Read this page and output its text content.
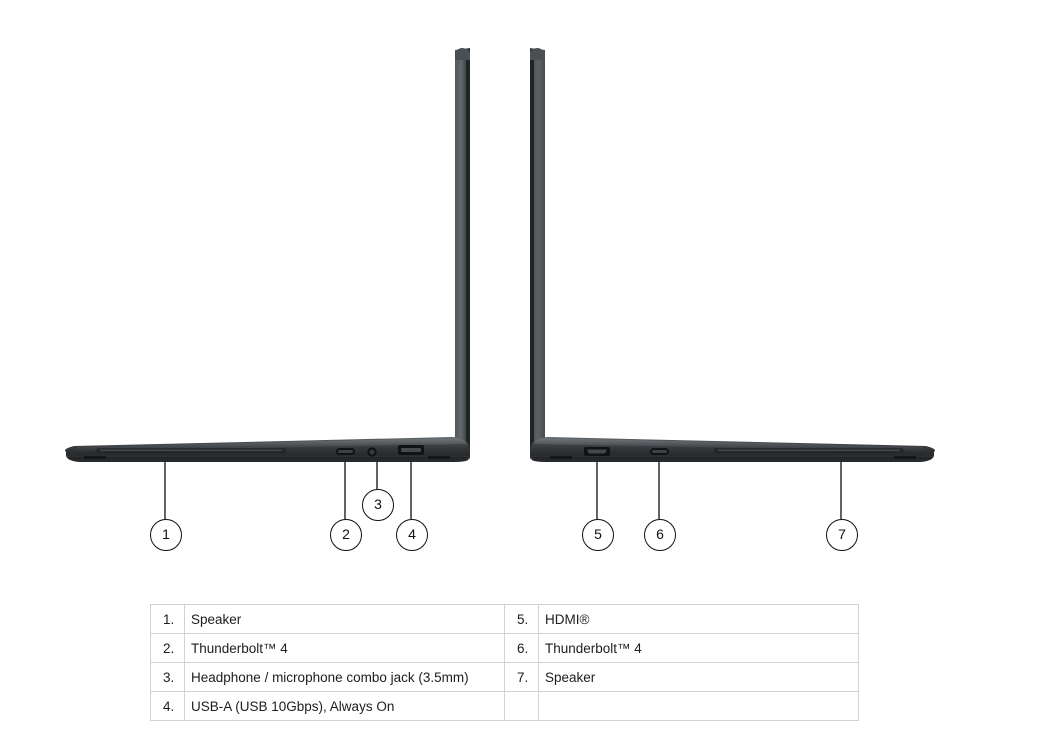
1	2
3
4	5	6	7
1.	Speaker	5.	HDMI®
2.	Thunderbolt™ 4	6.	Thunderbolt™ 4
3.	Headphone / microphone combo jack (3.5mm)	7.	Speaker
4.	USB-A (USB 10Gbps), Always On		
